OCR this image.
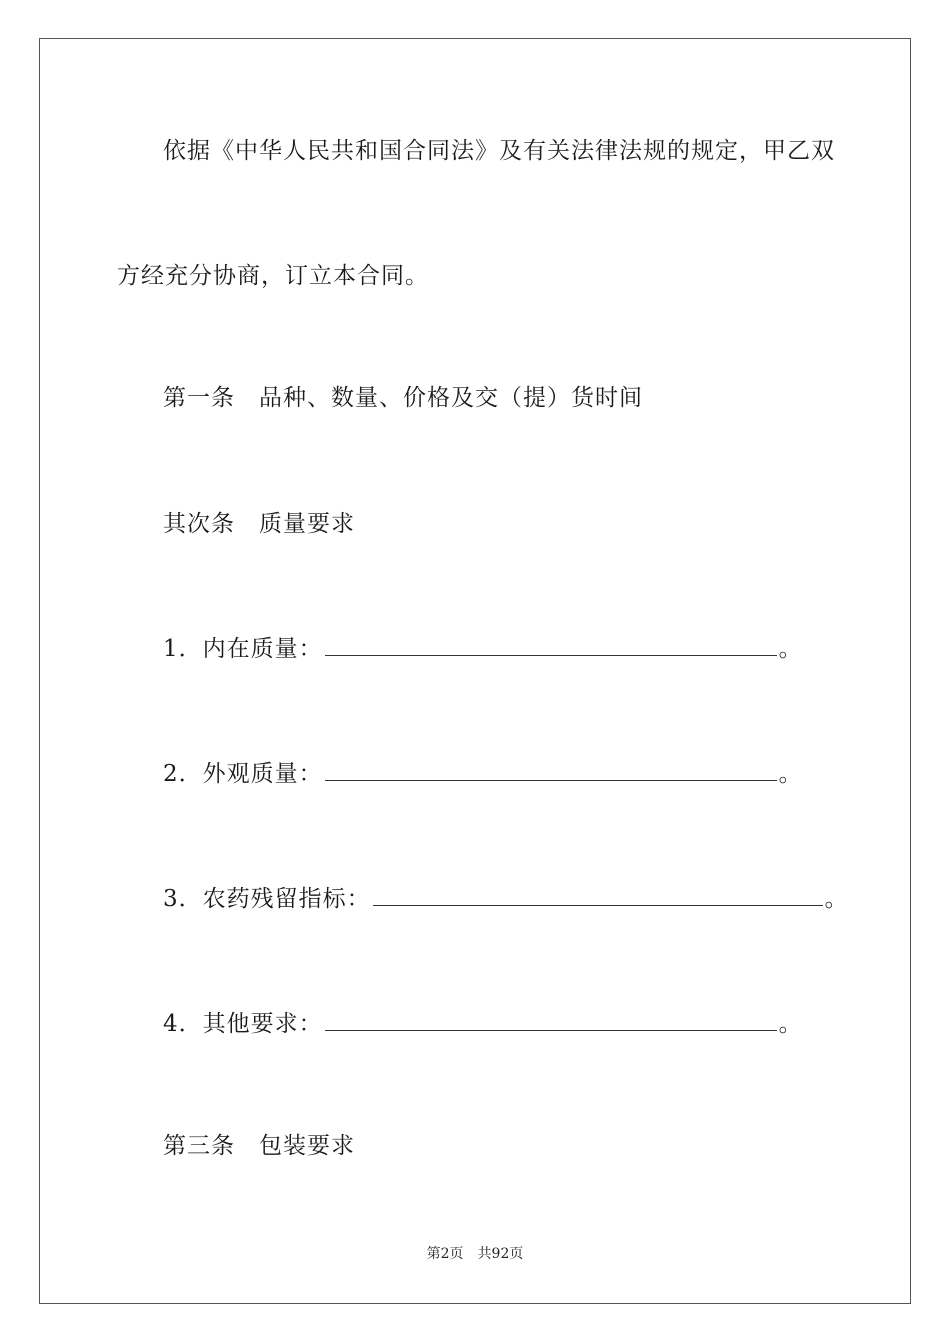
依据《中华人民共和国合同法》及有关法律法规的规定，甲乙双
方经充分协商，订立本合同。
第一条　品种、数量、价格及交（提）货时间
其次条　质量要求
1．内在质量：	。
2．外观质量：	。
3．农药残留指标：	。
4．其他要求：	。
第三条　包装要求
第2页　共92页
